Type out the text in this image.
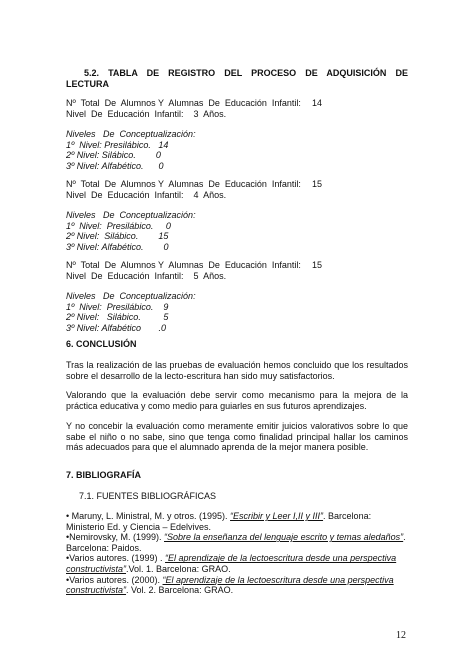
5.2. TABLA DE REGISTRO DEL PROCESO DE ADQUISICIÓN DE
LECTURA
Nº  Total  De  Alumnos Y  Alumnas  De  Educación  Infantil:	14
Nivel  De  Educación  Infantil:    3  Años.
Niveles   De  Conceptualización:
1º  Nivel: Presilábico.   14
2º Nivel: Silábico.        0
3º Nivel: Alfabético.      0
Nº  Total  De  Alumnos Y  Alumnas  De  Educación  Infantil:	15
Nivel  De  Educación  Infantil:    4  Años.
Niveles   De  Conceptualización:
1º  Nivel:  Presilábico.     0
2º Nivel:  Silábico.        15
3º Nivel: Alfabético.        0
Nº  Total  De  Alumnos Y  Alumnas  De  Educación  Infantil:	15
Nivel  De  Educación  Infantil:    5  Años.
Niveles   De  Conceptualización:
1º  Nivel:  Presilábico.    9
2º Nivel:   Silábico.         5
3º Nivel: Alfabético       .0
6. CONCLUSIÓN
Tras la realización de las pruebas de evaluación hemos concluido que los resultados sobre el desarrollo de la lecto-escritura han sido muy satisfactorios.
Valorando que la evaluación debe servir como mecanismo para la mejora de la práctica educativa y como medio para guiarles en sus futuros aprendizajes.
Y no concebir la evaluación como meramente emitir juicios valorativos sobre lo que sabe el niño o no sabe, sino que tenga como finalidad principal hallar los caminos más adecuados para que el alumnado aprenda de la mejor manera posible.
7. BIBLIOGRAFÍA
7.1. FUENTES BIBLIOGRÁFICAS
• Maruny, L. Ministral, M. y otros. (1995). “Escribir y Leer I,II y III”. Barcelona: Ministerio Ed. y Ciencia – Edelvives.
•Nemirovsky, M. (1999). “Sobre la enseñanza del lenguaje escrito y temas aledaños”. Barcelona: Paidos.
•Varios autores. (1999) . “El aprendizaje de la lectoescritura desde una perspectiva constructivista”.Vol. 1. Barcelona: GRAO.
•Varios autores. (2000). “El aprendizaje de la lectoescritura desde una perspectiva constructivista”. Vol. 2. Barcelona: GRAO.
12
